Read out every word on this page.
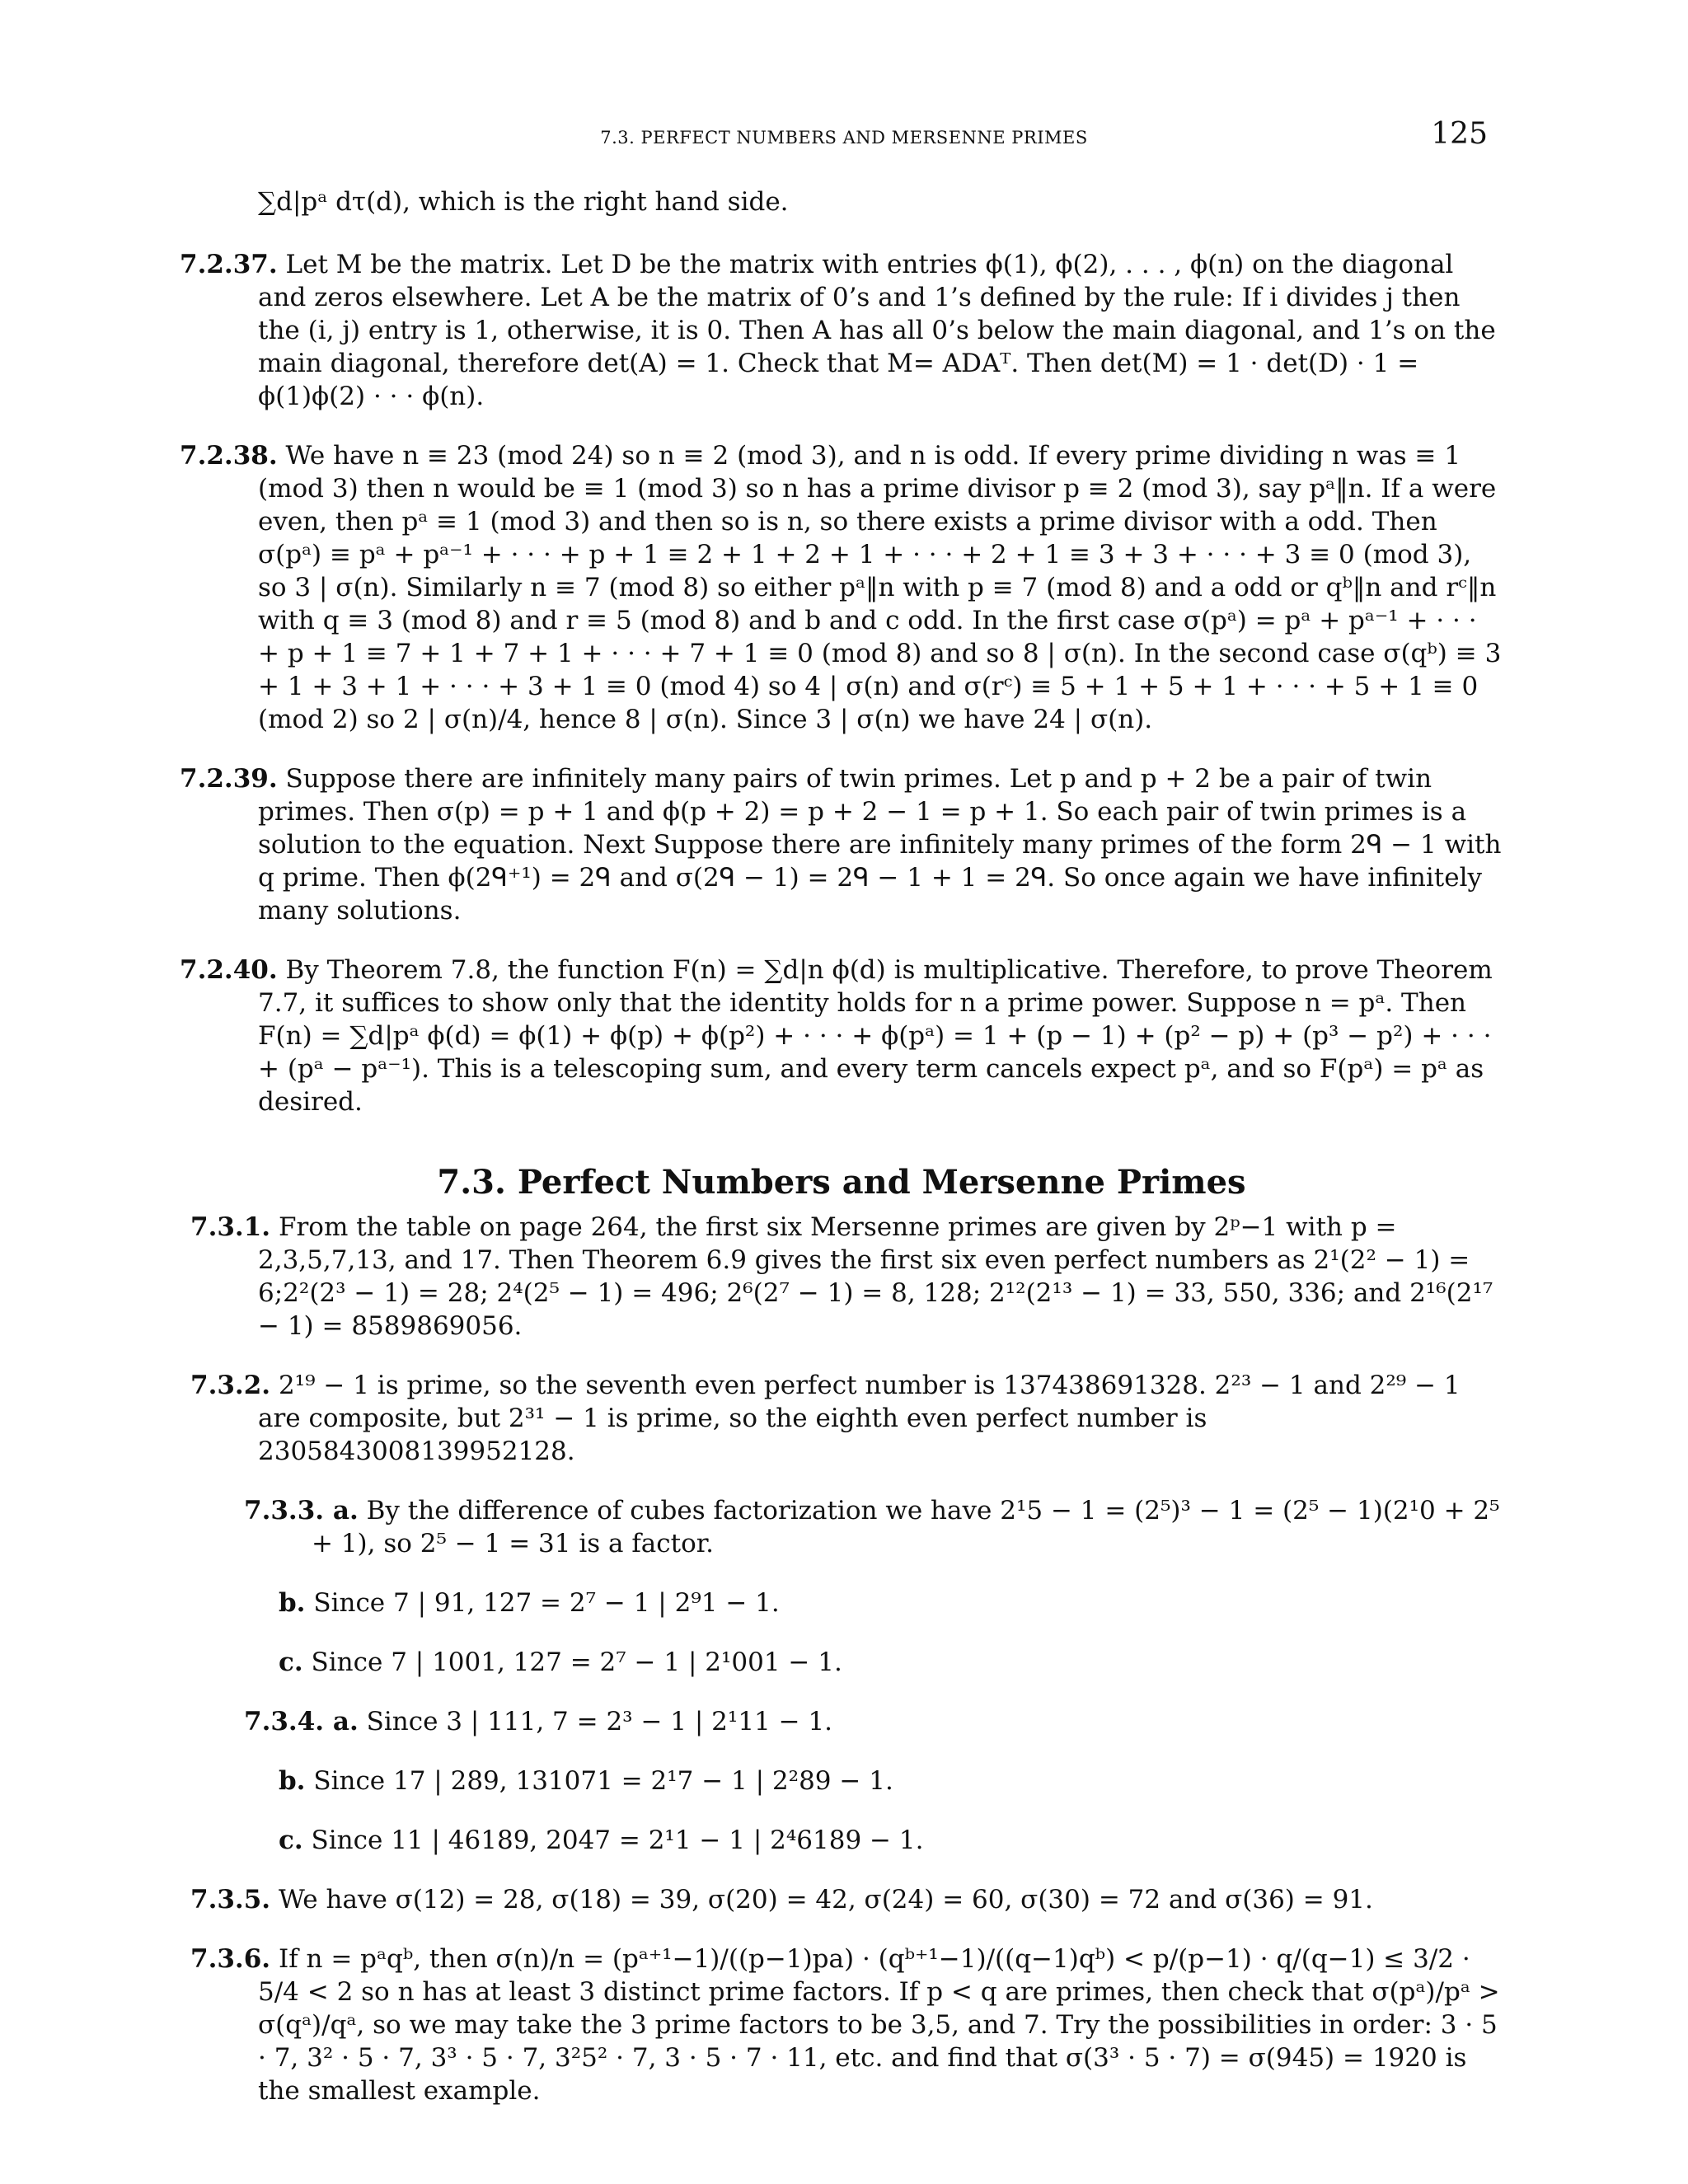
7.3. PERFECT NUMBERS AND MERSENNE PRIMES	125

∑d|pᵃ dτ(d), which is the right hand side.

7.2.37. Let M be the matrix. Let D be the matrix with entries ϕ(1), ϕ(2), . . . , ϕ(n) on the diagonal and zeros elsewhere. Let A be the matrix of 0’s and 1’s defined by the rule: If i divides j then the (i, j) entry is 1, otherwise, it is 0. Then A has all 0’s below the main diagonal, and 1’s on the main diagonal, therefore det(A) = 1. Check that M= ADAᵀ. Then det(M) = 1 · det(D) · 1 = ϕ(1)ϕ(2) · · · ϕ(n).

7.2.38. We have n ≡ 23 (mod 24) so n ≡ 2 (mod 3), and n is odd. If every prime dividing n was ≡ 1 (mod 3) then n would be ≡ 1 (mod 3) so n has a prime divisor p ≡ 2 (mod 3), say pᵃ‖n. If a were even, then pᵃ ≡ 1 (mod 3) and then so is n, so there exists a prime divisor with a odd. Then σ(pᵃ) ≡ pᵃ + pᵃ⁻¹ + · · · + p + 1 ≡ 2 + 1 + 2 + 1 + · · · + 2 + 1 ≡ 3 + 3 + · · · + 3 ≡ 0 (mod 3), so 3 | σ(n). Similarly n ≡ 7 (mod 8) so either pᵃ‖n with p ≡ 7 (mod 8) and a odd or qᵇ‖n and rᶜ‖n with q ≡ 3 (mod 8) and r ≡ 5 (mod 8) and b and c odd. In the first case σ(pᵃ) = pᵃ + pᵃ⁻¹ + · · · + p + 1 ≡ 7 + 1 + 7 + 1 + · · · + 7 + 1 ≡ 0 (mod 8) and so 8 | σ(n). In the second case σ(qᵇ) ≡ 3 + 1 + 3 + 1 + · · · + 3 + 1 ≡ 0 (mod 4) so 4 | σ(n) and σ(rᶜ) ≡ 5 + 1 + 5 + 1 + · · · + 5 + 1 ≡ 0 (mod 2) so 2 | σ(n)/4, hence 8 | σ(n). Since 3 | σ(n) we have 24 | σ(n).

7.2.39. Suppose there are infinitely many pairs of twin primes. Let p and p + 2 be a pair of twin primes. Then σ(p) = p + 1 and ϕ(p + 2) = p + 2 − 1 = p + 1. So each pair of twin primes is a solution to the equation. Next Suppose there are infinitely many primes of the form 2ᑫ − 1 with q prime. Then ϕ(2ᑫ⁺¹) = 2ᑫ and σ(2ᑫ − 1) = 2ᑫ − 1 + 1 = 2ᑫ. So once again we have infinitely many solutions.

7.2.40. By Theorem 7.8, the function F(n) = ∑d|n ϕ(d) is multiplicative. Therefore, to prove Theorem 7.7, it suffices to show only that the identity holds for n a prime power. Suppose n = pᵃ. Then F(n) = ∑d|pᵃ ϕ(d) = ϕ(1) + ϕ(p) + ϕ(p²) + · · · + ϕ(pᵃ) = 1 + (p − 1) + (p² − p) + (p³ − p²) + · · · + (pᵃ − pᵃ⁻¹). This is a telescoping sum, and every term cancels expect pᵃ, and so F(pᵃ) = pᵃ as desired.

7.3. Perfect Numbers and Mersenne Primes

7.3.1. From the table on page 264, the first six Mersenne primes are given by 2ᵖ−1 with p = 2,3,5,7,13, and 17. Then Theorem 6.9 gives the first six even perfect numbers as 2¹(2² − 1) = 6;2²(2³ − 1) = 28; 2⁴(2⁵ − 1) = 496; 2⁶(2⁷ − 1) = 8, 128; 2¹²(2¹³ − 1) = 33, 550, 336; and 2¹⁶(2¹⁷ − 1) = 8589869056.

7.3.2. 2¹⁹ − 1 is prime, so the seventh even perfect number is 137438691328. 2²³ − 1 and 2²⁹ − 1 are composite, but 2³¹ − 1 is prime, so the eighth even perfect number is 2305843008139952128.

7.3.3. a. By the difference of cubes factorization we have 2¹5 − 1 = (2⁵)³ − 1 = (2⁵ − 1)(2¹0 + 2⁵ + 1), so 2⁵ − 1 = 31 is a factor.

b. Since 7 | 91, 127 = 2⁷ − 1 | 2⁹1 − 1.

c. Since 7 | 1001, 127 = 2⁷ − 1 | 2¹001 − 1.

7.3.4. a. Since 3 | 111, 7 = 2³ − 1 | 2¹11 − 1.

b. Since 17 | 289, 131071 = 2¹7 − 1 | 2²89 − 1.

c. Since 11 | 46189, 2047 = 2¹1 − 1 | 2⁴6189 − 1.

7.3.5. We have σ(12) = 28, σ(18) = 39, σ(20) = 42, σ(24) = 60, σ(30) = 72 and σ(36) = 91.

7.3.6. If n = pᵃqᵇ, then σ(n)/n = (pᵃ⁺¹−1)/((p−1)pa) · (qᵇ⁺¹−1)/((q−1)qᵇ) < p/(p−1) · q/(q−1) ≤ 3/2 · 5/4 < 2 so n has at least 3 distinct prime factors. If p < q are primes, then check that σ(pᵃ)/pᵃ > σ(qᵃ)/qᵃ, so we may take the 3 prime factors to be 3,5, and 7. Try the possibilities in order: 3 · 5 · 7, 3² · 5 · 7, 3³ · 5 · 7, 3²5² · 7, 3 · 5 · 7 · 11, etc. and find that σ(3³ · 5 · 7) = σ(945) = 1920 is the smallest example.
